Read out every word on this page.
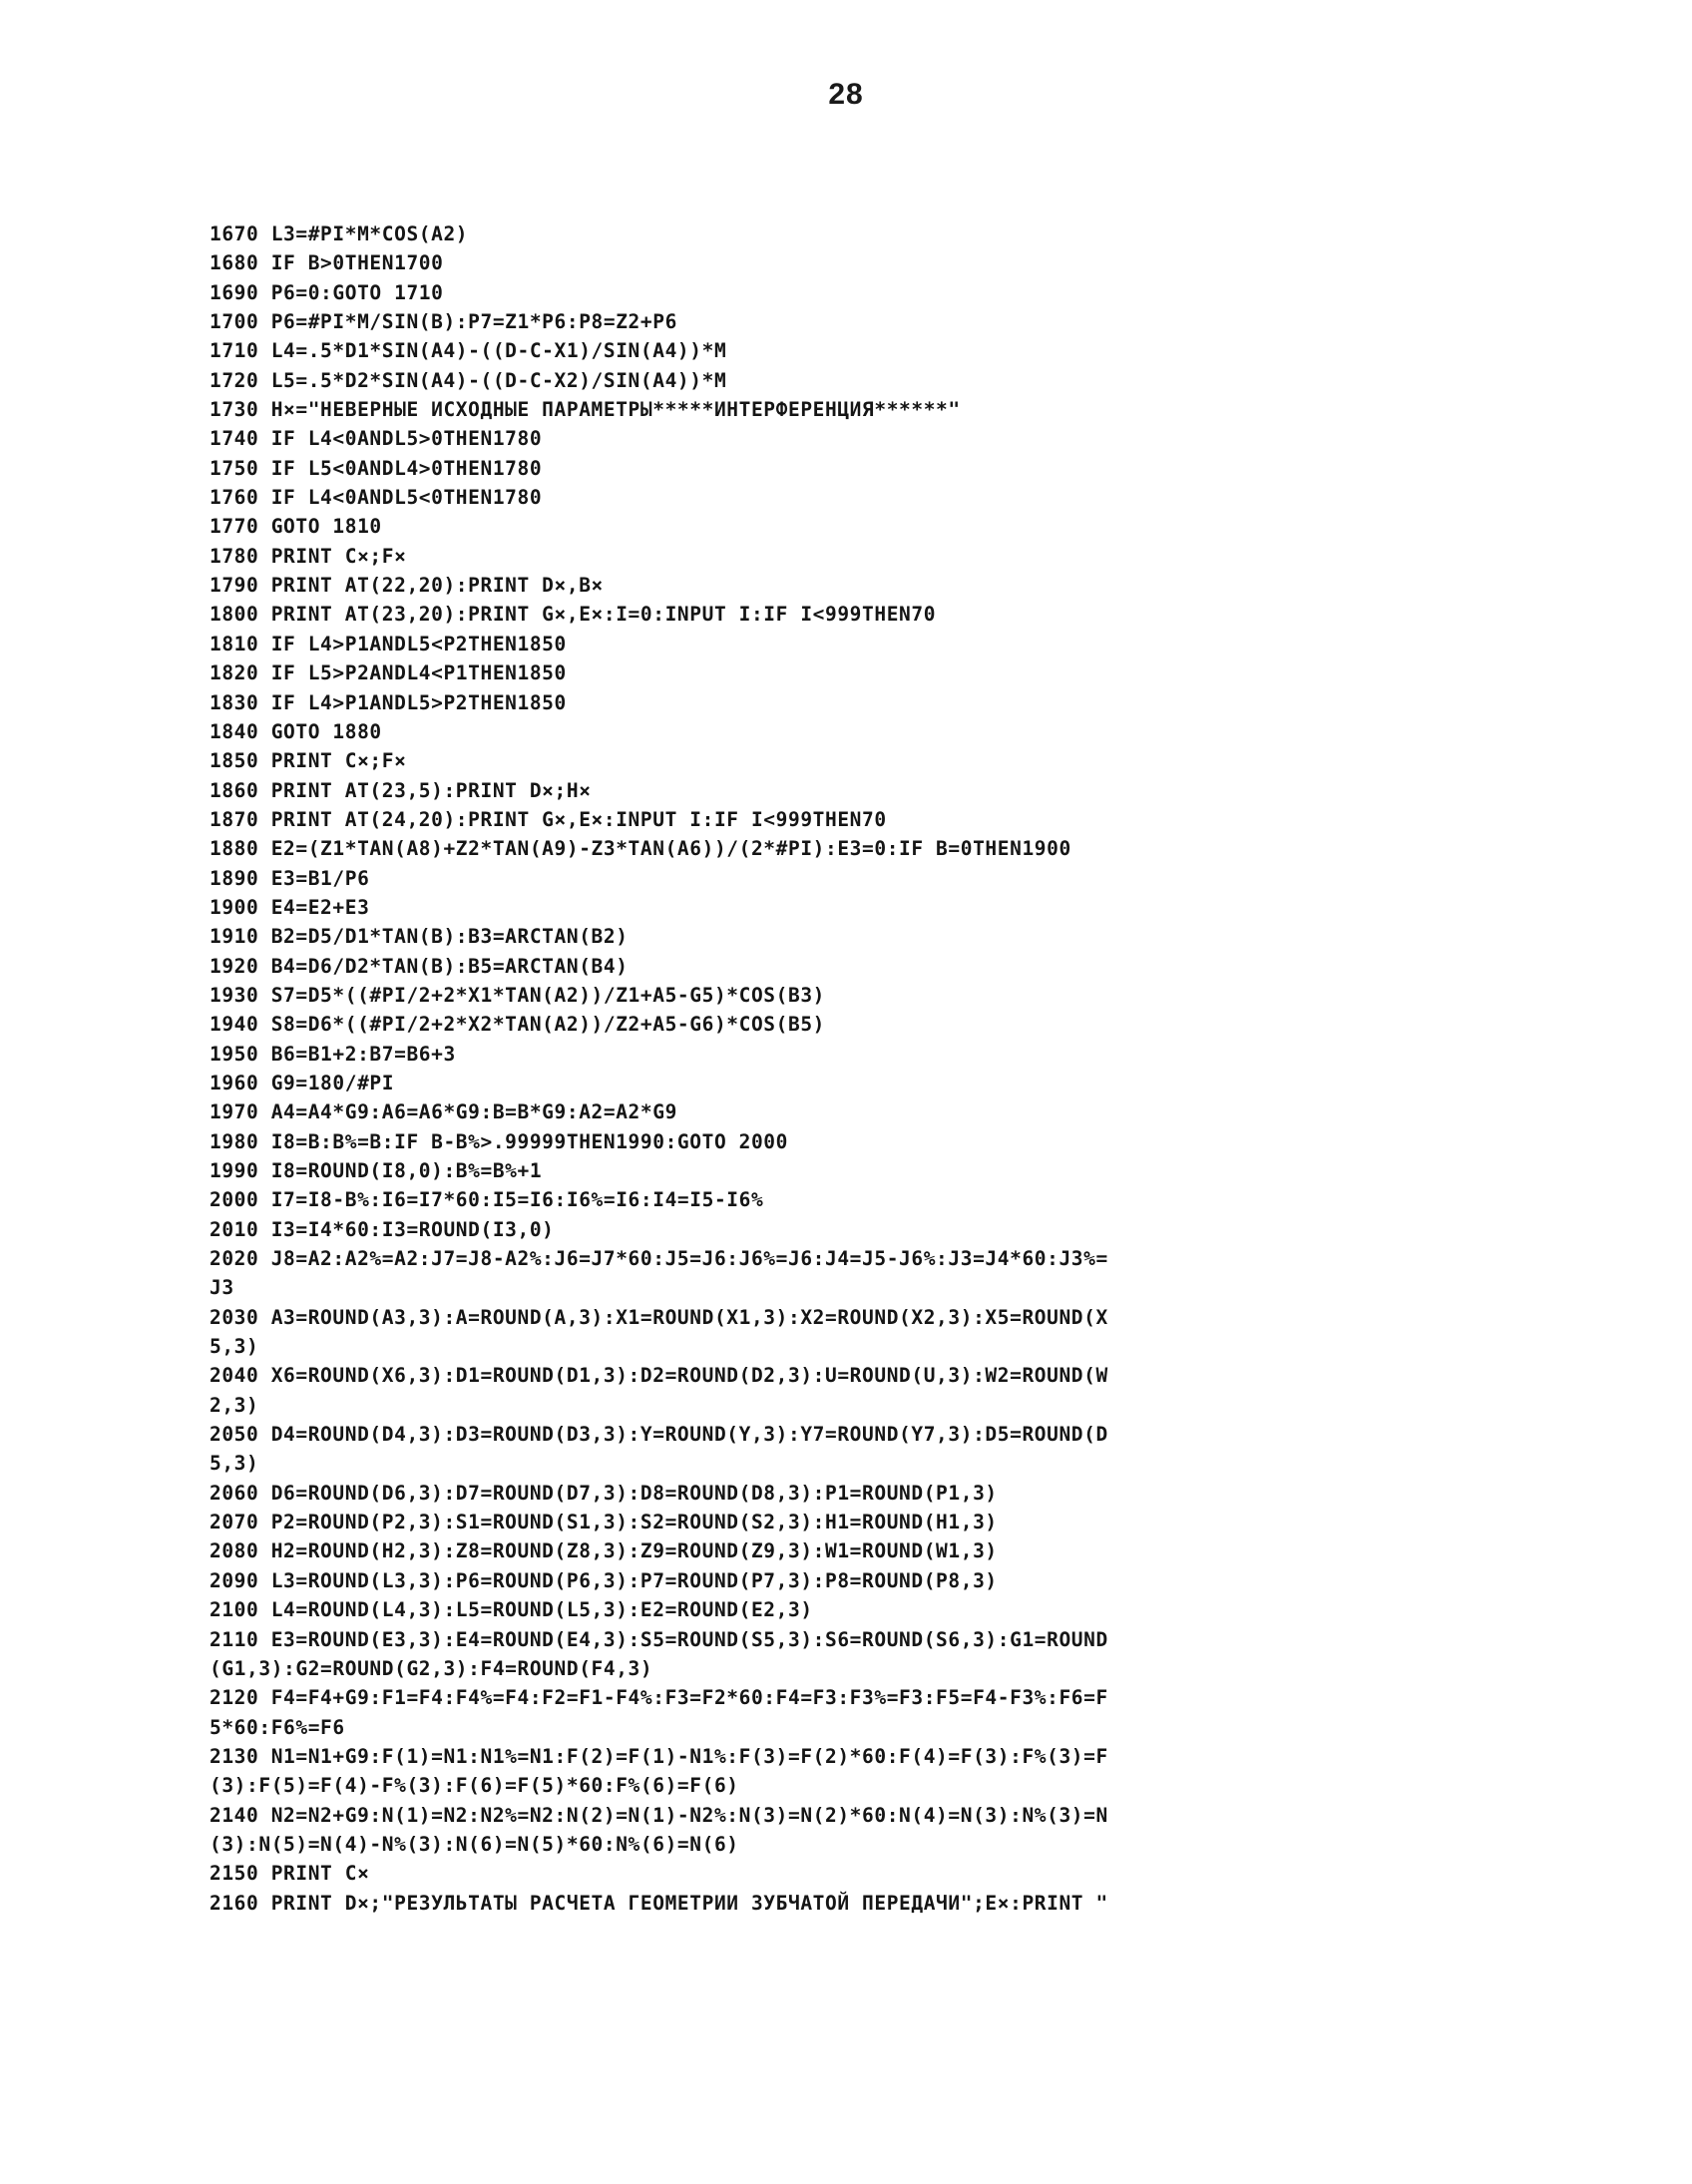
28
1670 L3=#PI*M*COS(A2)
1680 IF B>0THEN1700
1690 P6=0:GOTO 1710
1700 P6=#PI*M/SIN(B):P7=Z1*P6:P8=Z2+P6
1710 L4=.5*D1*SIN(A4)-((D-C-X1)/SIN(A4))*M
1720 L5=.5*D2*SIN(A4)-((D-C-X2)/SIN(A4))*M
1730 H×="НЕВЕРНЫЕ ИСХОДНЫЕ ПАРАМЕТРЫ*****ИНТЕРФЕРЕНЦИЯ******"
1740 IF L4<0ANDL5>0THEN1780
1750 IF L5<0ANDL4>0THEN1780
1760 IF L4<0ANDL5<0THEN1780
1770 GOTO 1810
1780 PRINT C×;F×
1790 PRINT AT(22,20):PRINT D×,B×
1800 PRINT AT(23,20):PRINT G×,E×:I=0:INPUT I:IF I<999THEN70
1810 IF L4>P1ANDL5<P2THEN1850
1820 IF L5>P2ANDL4<P1THEN1850
1830 IF L4>P1ANDL5>P2THEN1850
1840 GOTO 1880
1850 PRINT C×;F×
1860 PRINT AT(23,5):PRINT D×;H×
1870 PRINT AT(24,20):PRINT G×,E×:INPUT I:IF I<999THEN70
1880 E2=(Z1*TAN(A8)+Z2*TAN(A9)-Z3*TAN(A6))/(2*#PI):E3=0:IF B=0THEN1900
1890 E3=B1/P6
1900 E4=E2+E3
1910 B2=D5/D1*TAN(B):B3=ARCTAN(B2)
1920 B4=D6/D2*TAN(B):B5=ARCTAN(B4)
1930 S7=D5*((#PI/2+2*X1*TAN(A2))/Z1+A5-G5)*COS(B3)
1940 S8=D6*((#PI/2+2*X2*TAN(A2))/Z2+A5-G6)*COS(B5)
1950 B6=B1+2:B7=B6+3
1960 G9=180/#PI
1970 A4=A4*G9:A6=A6*G9:B=B*G9:A2=A2*G9
1980 I8=B:B%=B:IF B-B%>.99999THEN1990:GOTO 2000
1990 I8=ROUND(I8,0):B%=B%+1
2000 I7=I8-B%:I6=I7*60:I5=I6:I6%=I6:I4=I5-I6%
2010 I3=I4*60:I3=ROUND(I3,0)
2020 J8=A2:A2%=A2:J7=J8-A2%:J6=J7*60:J5=J6:J6%=J6:J4=J5-J6%:J3=J4*60:J3%=
J3
2030 A3=ROUND(A3,3):A=ROUND(A,3):X1=ROUND(X1,3):X2=ROUND(X2,3):X5=ROUND(X
5,3)
2040 X6=ROUND(X6,3):D1=ROUND(D1,3):D2=ROUND(D2,3):U=ROUND(U,3):W2=ROUND(W
2,3)
2050 D4=ROUND(D4,3):D3=ROUND(D3,3):Y=ROUND(Y,3):Y7=ROUND(Y7,3):D5=ROUND(D
5,3)
2060 D6=ROUND(D6,3):D7=ROUND(D7,3):D8=ROUND(D8,3):P1=ROUND(P1,3)
2070 P2=ROUND(P2,3):S1=ROUND(S1,3):S2=ROUND(S2,3):H1=ROUND(H1,3)
2080 H2=ROUND(H2,3):Z8=ROUND(Z8,3):Z9=ROUND(Z9,3):W1=ROUND(W1,3)
2090 L3=ROUND(L3,3):P6=ROUND(P6,3):P7=ROUND(P7,3):P8=ROUND(P8,3)
2100 L4=ROUND(L4,3):L5=ROUND(L5,3):E2=ROUND(E2,3)
2110 E3=ROUND(E3,3):E4=ROUND(E4,3):S5=ROUND(S5,3):S6=ROUND(S6,3):G1=ROUND
(G1,3):G2=ROUND(G2,3):F4=ROUND(F4,3)
2120 F4=F4+G9:F1=F4:F4%=F4:F2=F1-F4%:F3=F2*60:F4=F3:F3%=F3:F5=F4-F3%:F6=F
5*60:F6%=F6
2130 N1=N1+G9:F(1)=N1:N1%=N1:F(2)=F(1)-N1%:F(3)=F(2)*60:F(4)=F(3):F%(3)=F
(3):F(5)=F(4)-F%(3):F(6)=F(5)*60:F%(6)=F(6)
2140 N2=N2+G9:N(1)=N2:N2%=N2:N(2)=N(1)-N2%:N(3)=N(2)*60:N(4)=N(3):N%(3)=N
(3):N(5)=N(4)-N%(3):N(6)=N(5)*60:N%(6)=N(6)
2150 PRINT C×
2160 PRINT D×;"РЕЗУЛЬТАТЫ РАСЧЕТА ГЕОМЕТРИИ ЗУБЧАТОЙ ПЕРЕДАЧИ";E×:PRINT "
